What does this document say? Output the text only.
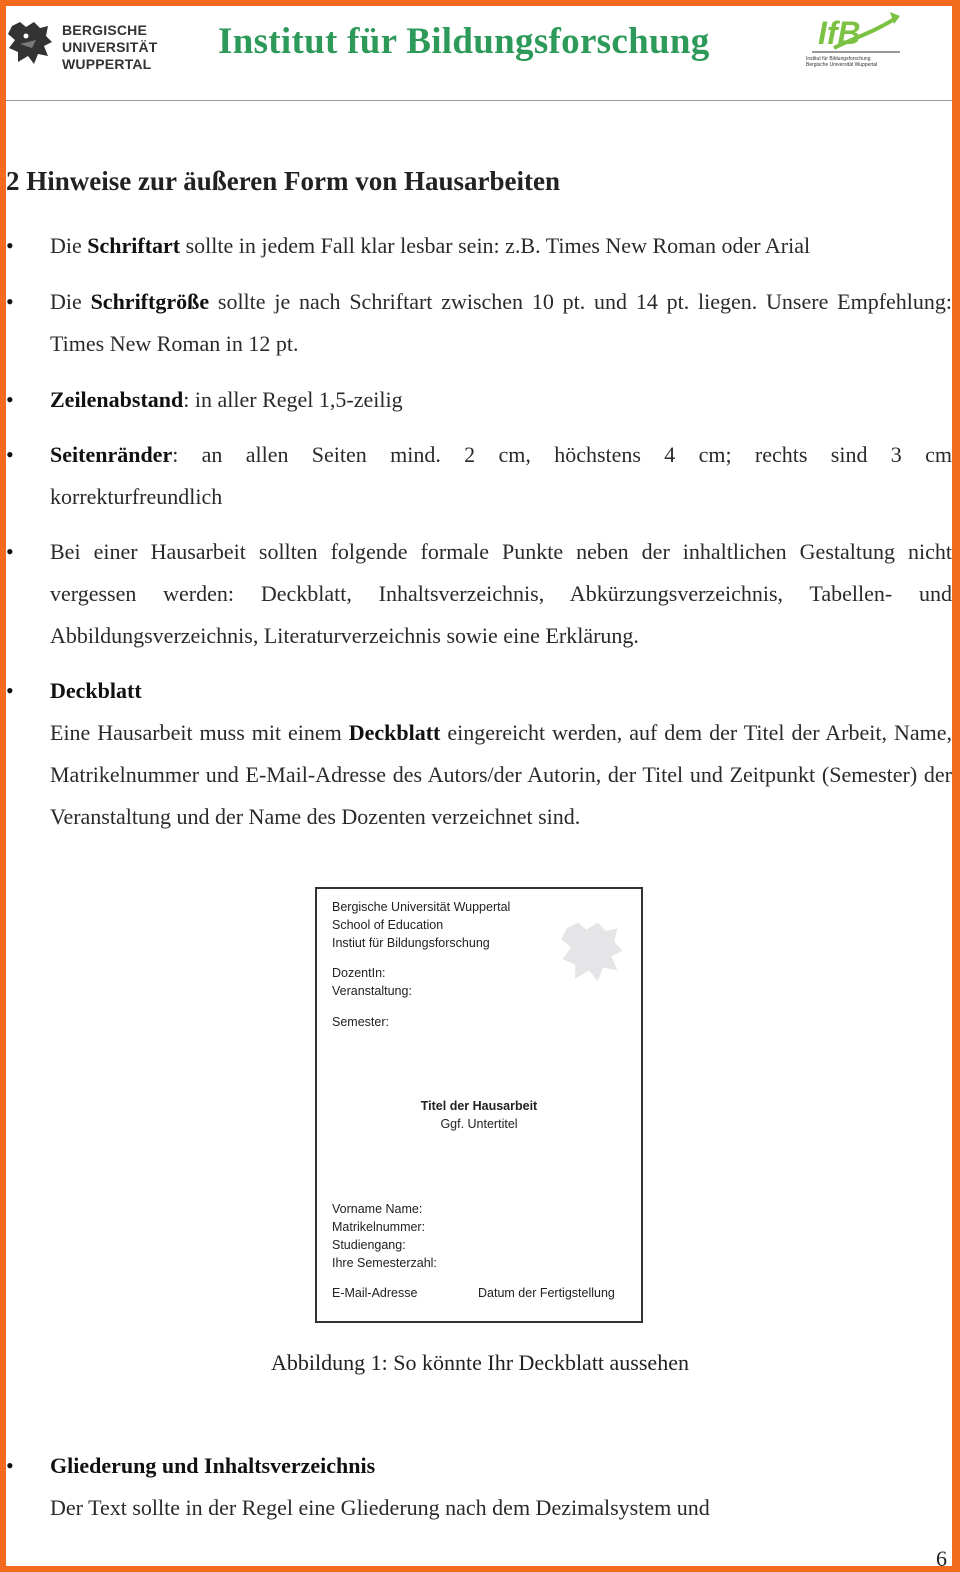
BERGISCHE
UNIVERSITÄT
WUPPERTAL
Institut für Bildungsforschung	IfB
Institut für Bildungsforschung
Bergische Universität Wuppertal
2 Hinweise zur äußeren Form von Hausarbeiten
• Die Schriftart sollte in jedem Fall klar lesbar sein: z.B. Times New Roman oder Arial
• Die Schriftgröße sollte je nach Schriftart zwischen 10 pt. und 14 pt. liegen. Unsere Empfehlung: Times New Roman in 12 pt.
• Zeilenabstand: in aller Regel 1,5-zeilig
• Seitenränder: an allen Seiten mind. 2 cm, höchstens 4 cm; rechts sind 3 cm korrekturfreundlich
• Bei einer Hausarbeit sollten folgende formale Punkte neben der inhaltlichen Gestaltung nicht vergessen werden: Deckblatt, Inhaltsverzeichnis, Abkürzungsverzeichnis, Tabellen- und Abbildungsverzeichnis, Literaturverzeichnis sowie eine Erklärung.
• Deckblatt
Eine Hausarbeit muss mit einem Deckblatt eingereicht werden, auf dem der Titel der Arbeit, Name, Matrikelnummer und E-Mail-Adresse des Autors/der Autorin, der Titel und Zeitpunkt (Semester) der Veranstaltung und der Name des Dozenten verzeichnet sind.
• Gliederung und Inhaltsverzeichnis
Der Text sollte in der Regel eine Gliederung nach dem Dezimalsystem und
Bergische Universität Wuppertal
School of Education
Instiut für Bildungsforschung
DozentIn:
Veranstaltung:
Semester:
Titel der Hausarbeit
Ggf. Untertitel
Vorname Name:
Matrikelnummer:
Studiengang:
Ihre Semesterzahl:
E-Mail-Adresse	Datum der Fertigstellung
Abbildung 1: So könnte Ihr Deckblatt aussehen
6
